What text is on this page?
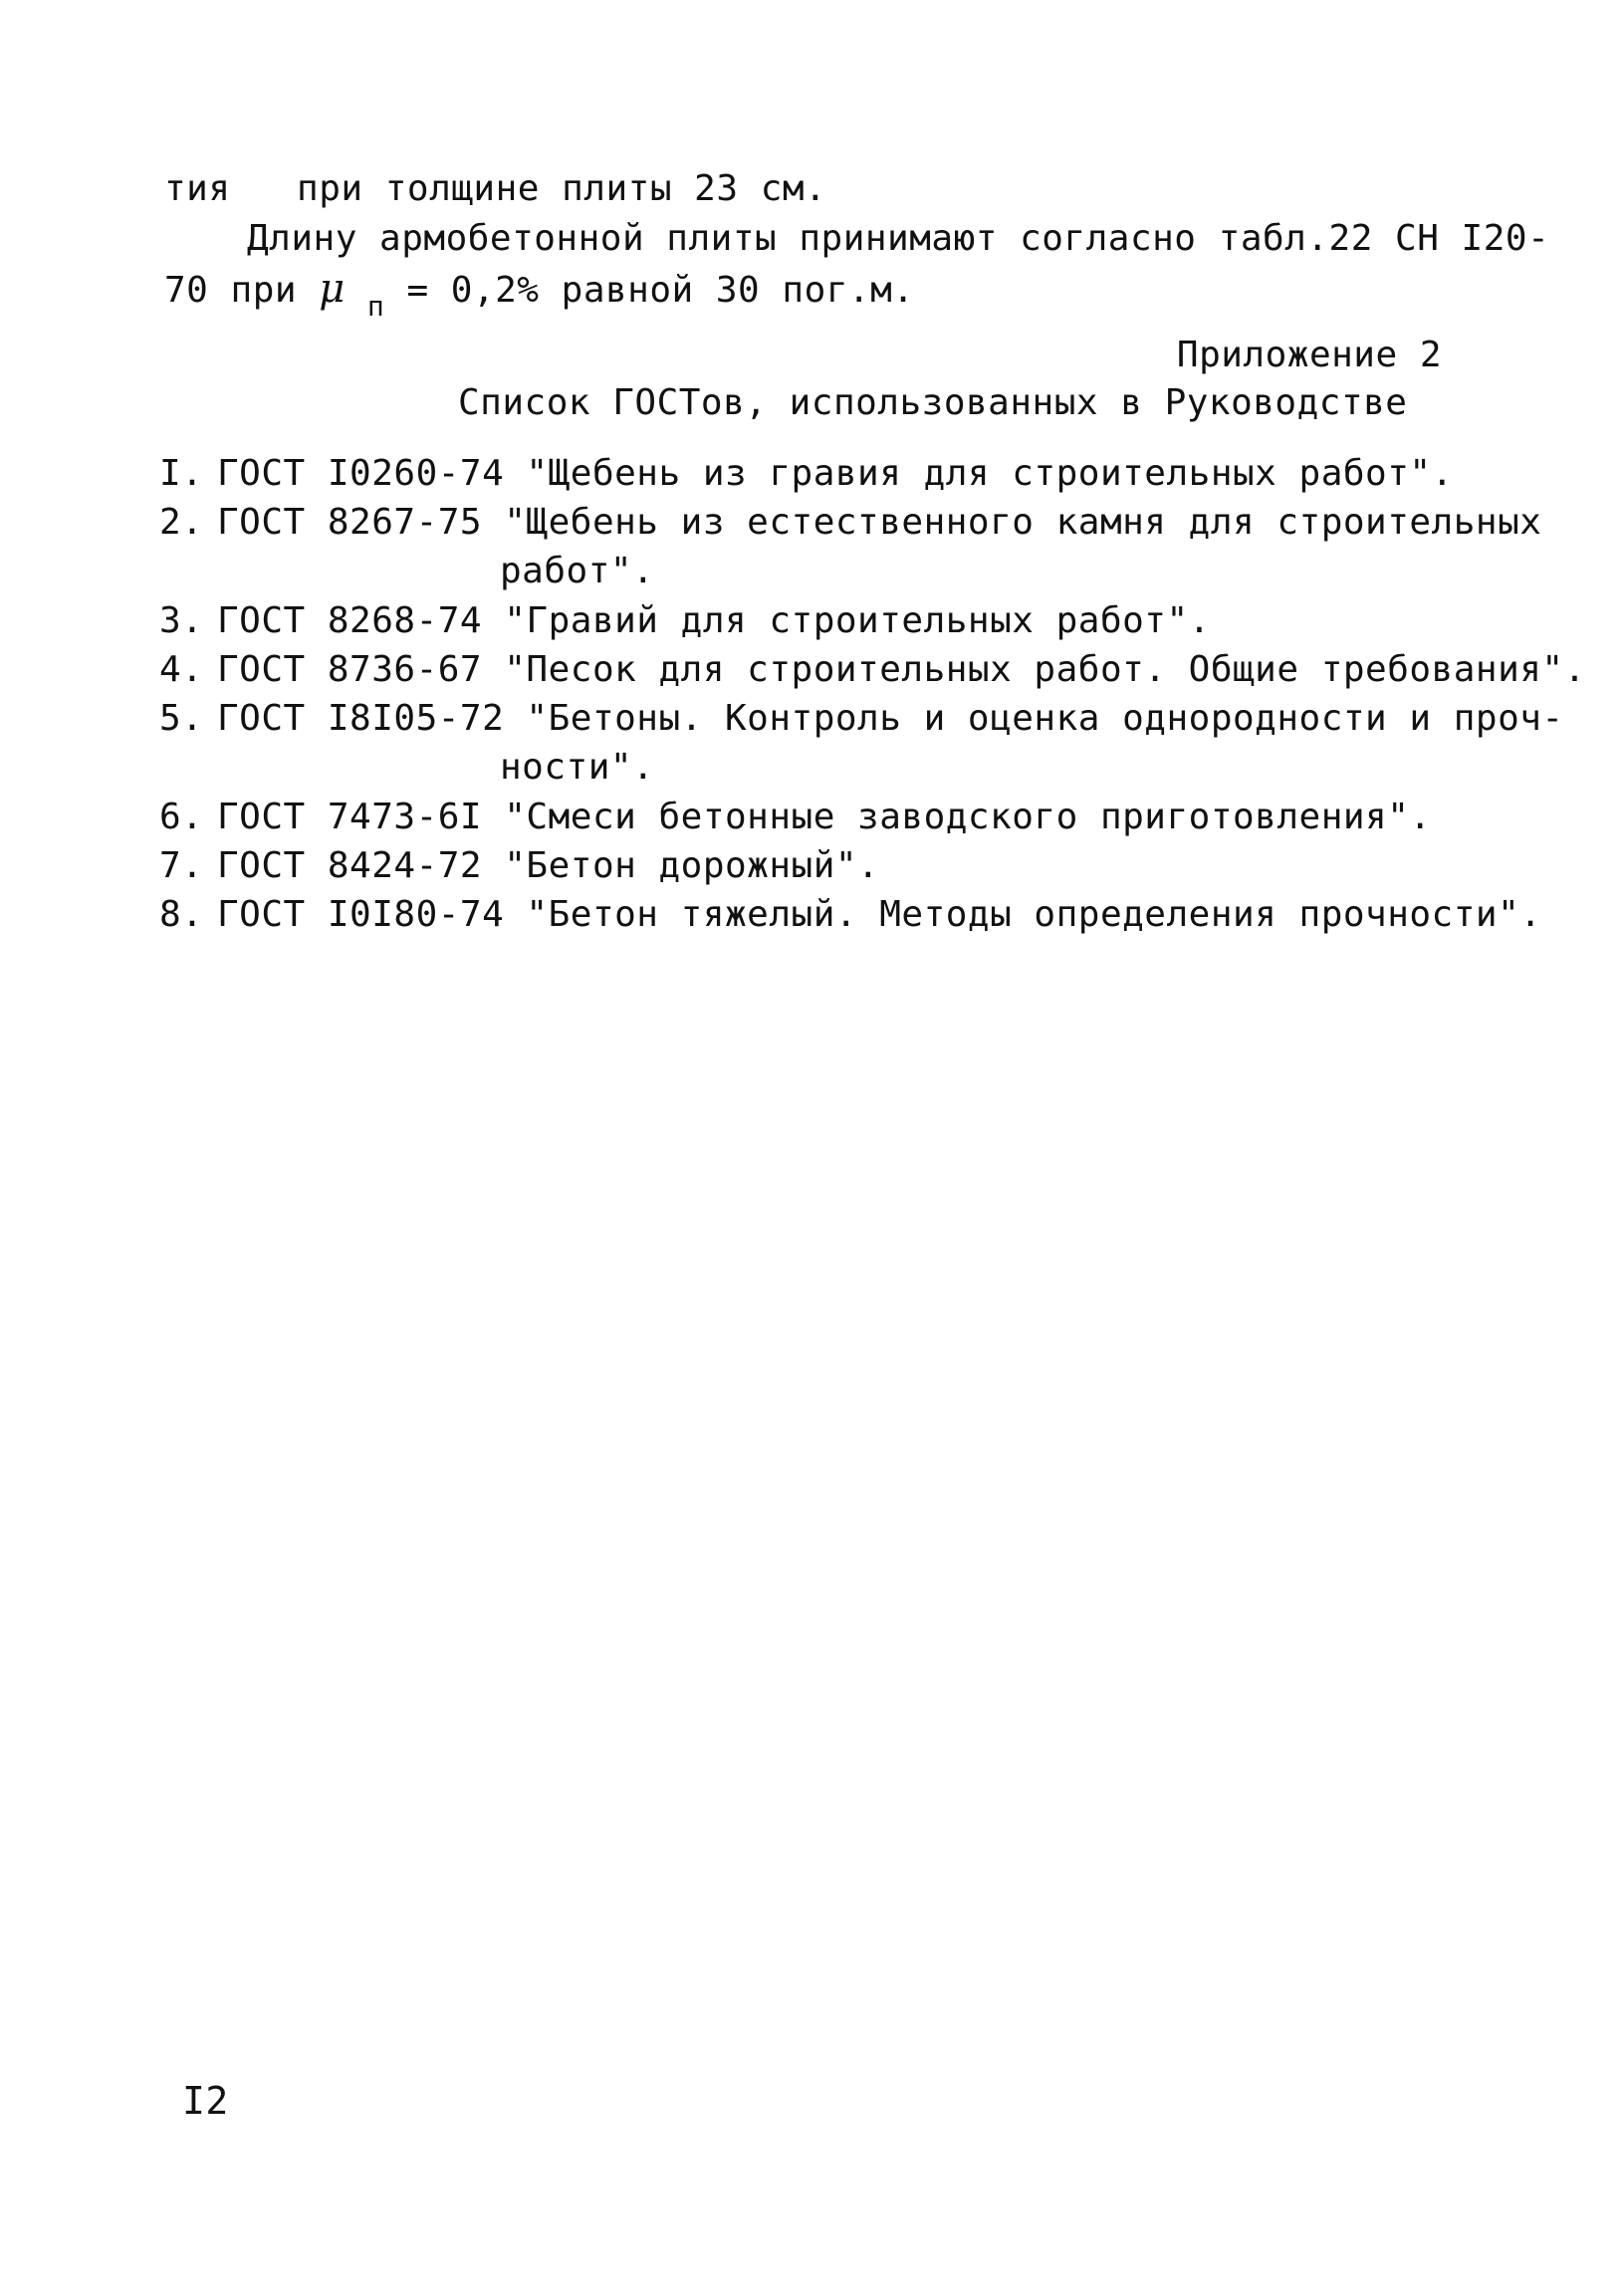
тия   при толщине плиты 23 см.
Длину армобетонной плиты принимают согласно табл.22 СН I20-
70 при μ $_п$ = 0,2% равной 30 пог.м.
Приложение 2
Список ГОСТов, использованных в Руководстве
I. ГОСТ I0260-74 "Щебень из гравия для строительных работ".
2. ГОСТ 8267-75 "Щебень из естественного камня для строительных
работ".
3. ГОСТ 8268-74 "Гравий для строительных работ".
4. ГОСТ 8736-67 "Песок для строительных работ. Общие требования".
5. ГОСТ I8I05-72 "Бетоны. Контроль и оценка однородности и проч-
ности".
6. ГОСТ 7473-6I "Смеси бетонные заводского приготовления".
7. ГОСТ 8424-72 "Бетон дорожный".
8. ГОСТ I0I80-74 "Бетон тяжелый. Методы определения прочности".
I2
